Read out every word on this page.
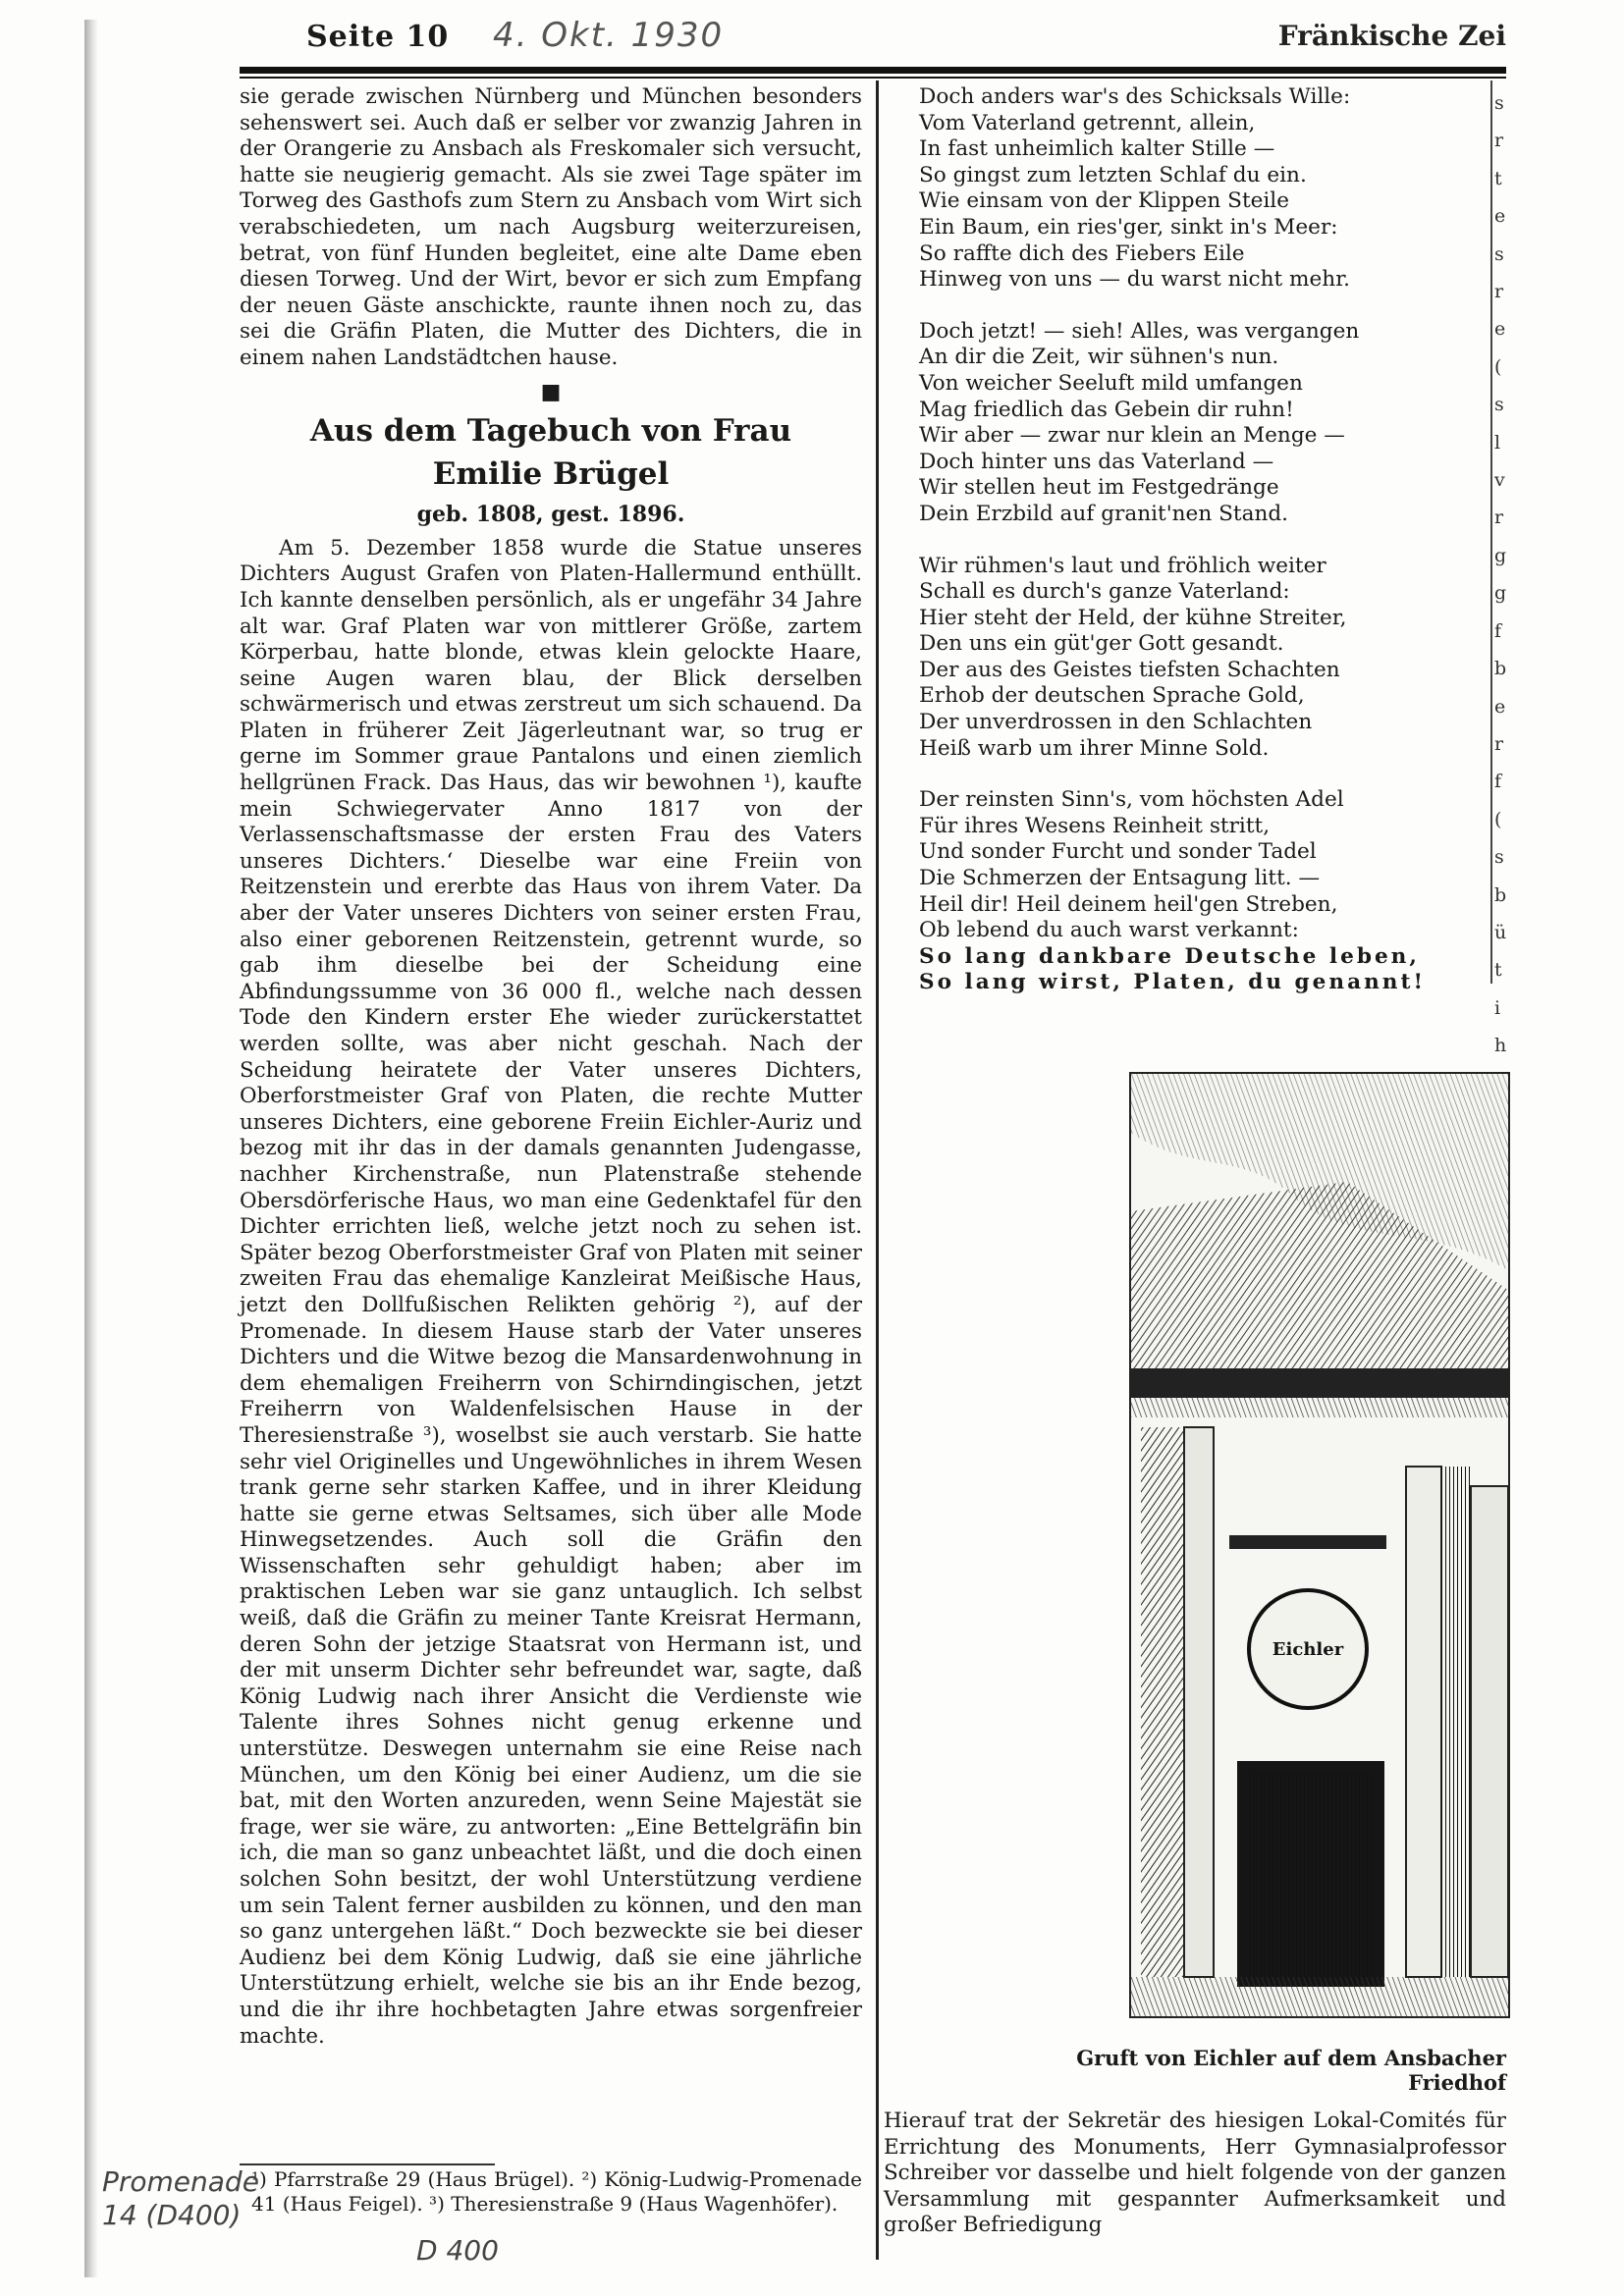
Seite 10 4. Okt. 1930	Fränkische Zei

sie gerade zwischen Nürnberg und München besonders sehenswert sei. Auch daß er selber vor zwanzig Jahren in der Orangerie zu Ansbach als Freskomaler sich versucht, hatte sie neugierig gemacht. Als sie zwei Tage später im Torweg des Gasthofs zum Stern zu Ansbach vom Wirt sich verabschiedeten, um nach Augsburg weiterzureisen, betrat, von fünf Hunden begleitet, eine alte Dame eben diesen Torweg. Und der Wirt, bevor er sich zum Empfang der neuen Gäste anschickte, raunte ihnen noch zu, das sei die Gräfin Platen, die Mutter des Dichters, die in einem nahen Landstädtchen hause.

■
Aus dem Tagebuch von Frau
Emilie Brügel
geb. 1808, gest. 1896.

Am 5. Dezember 1858 wurde die Statue unseres Dichters August Grafen von Platen-Hallermund enthüllt. Ich kannte denselben persönlich, als er ungefähr 34 Jahre alt war. Graf Platen war von mittlerer Größe, zartem Körperbau, hatte blonde, etwas klein gelockte Haare, seine Augen waren blau, der Blick derselben schwärmerisch und etwas zerstreut um sich schauend. Da Platen in früherer Zeit Jägerleutnant war, so trug er gerne im Sommer graue Pantalons und einen ziemlich hellgrünen Frack. Das Haus, das wir bewohnen ¹), kaufte mein Schwiegervater Anno 1817 von der Verlassenschaftsmasse der ersten Frau des Vaters unseres Dichters.‘ Dieselbe war eine Freiin von Reitzenstein und ererbte das Haus von ihrem Vater. Da aber der Vater unseres Dichters von seiner ersten Frau, also einer geborenen Reitzenstein, getrennt wurde, so gab ihm dieselbe bei der Scheidung eine Abfindungssumme von 36 000 fl., welche nach dessen Tode den Kindern erster Ehe wieder zurückerstattet werden sollte, was aber nicht geschah. Nach der Scheidung heiratete der Vater unseres Dichters, Oberforstmeister Graf von Platen, die rechte Mutter unseres Dichters, eine geborene Freiin Eichler-Auriz und bezog mit ihr das in der damals genannten Judengasse, nachher Kirchenstraße, nun Platenstraße stehende Obersdörferische Haus, wo man eine Gedenktafel für den Dichter errichten ließ, welche jetzt noch zu sehen ist. Später bezog Oberforstmeister Graf von Platen mit seiner zweiten Frau das ehemalige Kanzleirat Meißische Haus, jetzt den Dollfußischen Relikten gehörig ²), auf der Promenade. In diesem Hause starb der Vater unseres Dichters und die Witwe bezog die Mansardenwohnung in dem ehemaligen Freiherrn von Schirndingischen, jetzt Freiherrn von Waldenfelsischen Hause in der Theresienstraße ³), woselbst sie auch verstarb. Sie hatte sehr viel Originelles und Ungewöhnliches in ihrem Wesen trank gerne sehr starken Kaffee, und in ihrer Kleidung hatte sie gerne etwas Seltsames, sich über alle Mode Hinwegsetzendes. Auch soll die Gräfin den Wissenschaften sehr gehuldigt haben; aber im praktischen Leben war sie ganz untauglich. Ich selbst weiß, daß die Gräfin zu meiner Tante Kreisrat Hermann, deren Sohn der jetzige Staatsrat von Hermann ist, und der mit unserm Dichter sehr befreundet war, sagte, daß König Ludwig nach ihrer Ansicht die Verdienste wie Talente ihres Sohnes nicht genug erkenne und unterstütze. Deswegen unternahm sie eine Reise nach München, um den König bei einer Audienz, um die sie bat, mit den Worten anzureden, wenn Seine Majestät sie frage, wer sie wäre, zu antworten: „Eine Bettelgräfin bin ich, die man so ganz unbeachtet läßt, und die doch einen solchen Sohn besitzt, der wohl Unterstützung verdiene um sein Talent ferner ausbilden zu können, und den man so ganz untergehen läßt.“ Doch bezweckte sie bei dieser Audienz bei dem König Ludwig, daß sie eine jährliche Unterstützung erhielt, welche sie bis an ihr Ende bezog, und die ihr ihre hochbetagten Jahre etwas sorgenfreier machte.

¹) Pfarrstraße 29 (Haus Brügel). ²) König-Ludwig-Promenade 41 (Haus Feigel). ³) Theresienstraße 9 (Haus Wagenhöfer).
Promenade 14 (D400)
D 400
Doch anders war's des Schicksals Wille:
Vom Vaterland getrennt, allein,
In fast unheimlich kalter Stille —
So gingst zum letzten Schlaf du ein.
Wie einsam von der Klippen Steile
Ein Baum, ein ries'ger, sinkt in's Meer:
So raffte dich des Fiebers Eile
Hinweg von uns — du warst nicht mehr.
Doch jetzt! — sieh! Alles, was vergangen
An dir die Zeit, wir sühnen's nun.
Von weicher Seeluft mild umfangen
Mag friedlich das Gebein dir ruhn!
Wir aber — zwar nur klein an Menge —
Doch hinter uns das Vaterland —
Wir stellen heut im Festgedränge
Dein Erzbild auf granit'nen Stand.
Wir rühmen's laut und fröhlich weiter
Schall es durch's ganze Vaterland:
Hier steht der Held, der kühne Streiter,
Den uns ein güt'ger Gott gesandt.
Der aus des Geistes tiefsten Schachten
Erhob der deutschen Sprache Gold,
Der unverdrossen in den Schlachten
Heiß warb um ihrer Minne Sold.
Der reinsten Sinn's, vom höchsten Adel
Für ihres Wesens Reinheit stritt,
Und sonder Furcht und sonder Tadel
Die Schmerzen der Entsagung litt. —
Heil dir! Heil deinem heil'gen Streben,
Ob lebend du auch warst verkannt:
So lang dankbare Deutsche leben,
So lang wirst, Platen, du genannt!
s
r
t
e
s
r
e
(
s
l
v
r
g
g
f
b
e
r
f
(
s
b
ü
t
i
h
Eichler
Gruft von Eichler auf dem Ansbacher Friedhof
Hierauf trat der Sekretär des hiesigen Lokal-Comités für Errichtung des Monuments, Herr Gymnasialprofessor Schreiber vor dasselbe und hielt folgende von der ganzen Versammlung mit gespannter Aufmerksamkeit und großer Befriedigung
